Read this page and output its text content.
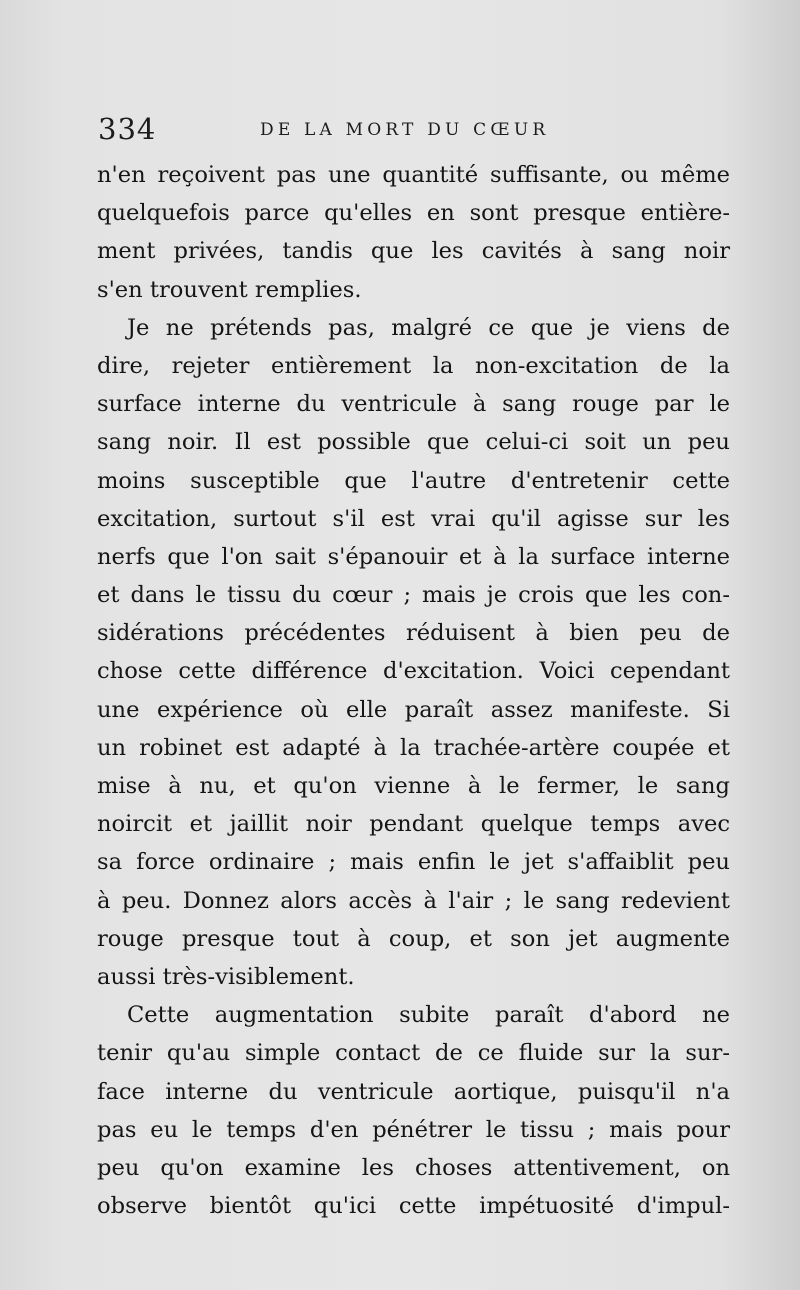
334	DE LA MORT DU CŒUR
n'en reçoivent pas une quantité suffisante, ou même
quelquefois parce qu'elles en sont presque entière-
ment privées, tandis que les cavités à sang noir
s'en trouvent remplies.
Je ne prétends pas, malgré ce que je viens de
dire, rejeter entièrement la non-excitation de la
surface interne du ventricule à sang rouge par le
sang noir. Il est possible que celui-ci soit un peu
moins susceptible que l'autre d'entretenir cette
excitation, surtout s'il est vrai qu'il agisse sur les
nerfs que l'on sait s'épanouir et à la surface interne
et dans le tissu du cœur ; mais je crois que les con-
sidérations précédentes réduisent à bien peu de
chose cette différence d'excitation. Voici cependant
une expérience où elle paraît assez manifeste. Si
un robinet est adapté à la trachée-artère coupée et
mise à nu, et qu'on vienne à le fermer, le sang
noircit et jaillit noir pendant quelque temps avec
sa force ordinaire ; mais enfin le jet s'affaiblit peu
à peu. Donnez alors accès à l'air ; le sang redevient
rouge presque tout à coup, et son jet augmente
aussi très-visiblement.
Cette augmentation subite paraît d'abord ne
tenir qu'au simple contact de ce fluide sur la sur-
face interne du ventricule aortique, puisqu'il n'a
pas eu le temps d'en pénétrer le tissu ; mais pour
peu qu'on examine les choses attentivement, on
observe bientôt qu'ici cette impétuosité d'impul-
